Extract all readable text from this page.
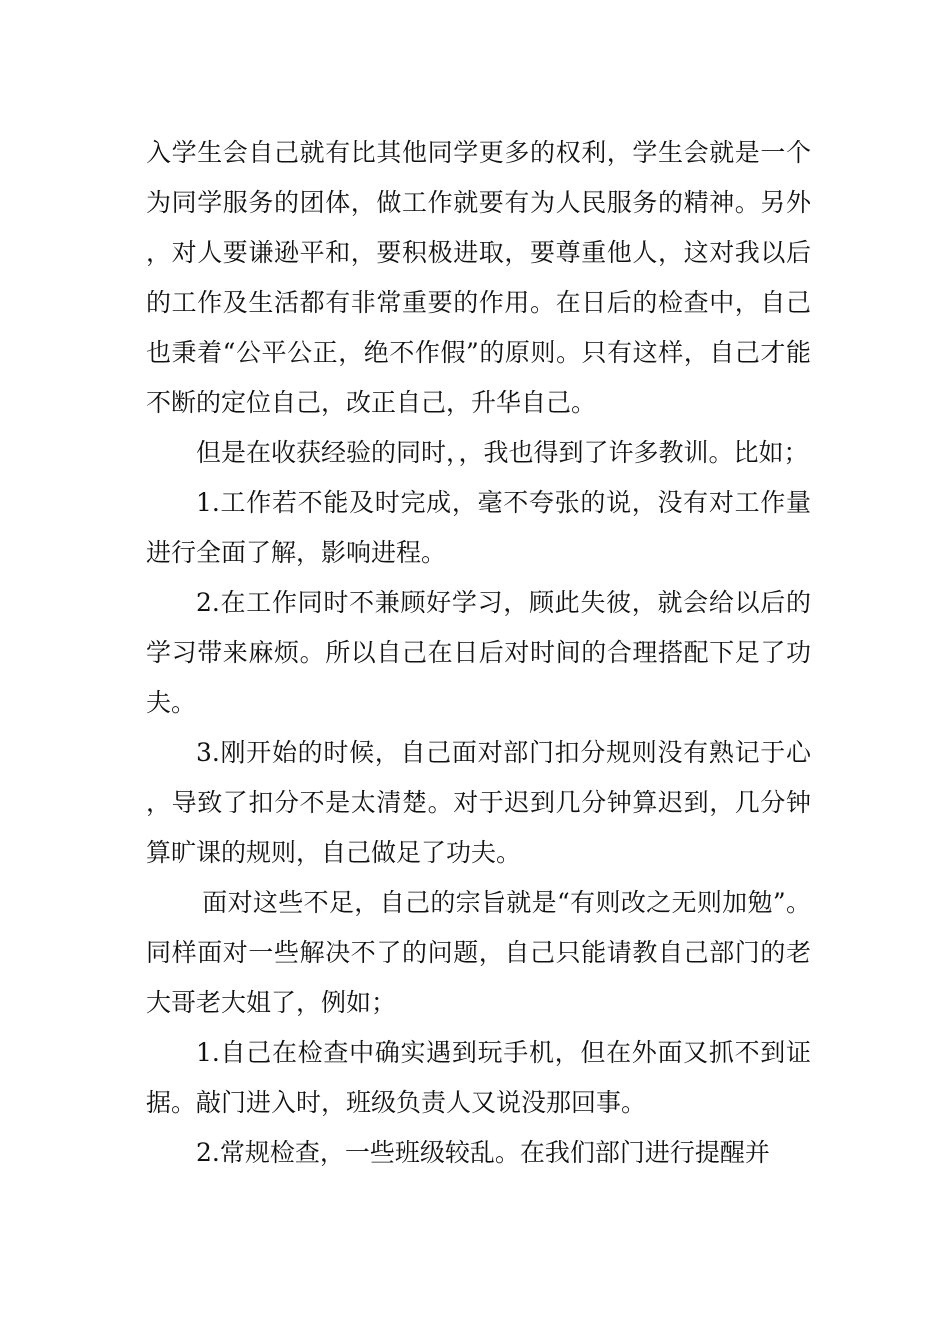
入学生会自己就有比其他同学更多的权利，学生会就是一个为同学服务的团体，做工作就要有为人民服务的精神。另外，对人要谦逊平和，要积极进取，要尊重他人，这对我以后的工作及生活都有非常重要的作用。在日后的检查中，自己也秉着“公平公正，绝不作假”的原则。只有这样，自己才能不断的定位自己，改正自己，升华自己。

但是在收获经验的同时，，我也得到了许多教训。比如；

1.工作若不能及时完成，毫不夸张的说，没有对工作量进行全面了解，影响进程。

2.在工作同时不兼顾好学习，顾此失彼，就会给以后的学习带来麻烦。所以自己在日后对时间的合理搭配下足了功夫。

3.刚开始的时候，自己面对部门扣分规则没有熟记于心，导致了扣分不是太清楚。对于迟到几分钟算迟到，几分钟算旷课的规则，自己做足了功夫。

面对这些不足，自己的宗旨就是“有则改之无则加勉”。同样面对一些解决不了的问题，自己只能请教自己部门的老大哥老大姐了，例如；

1.自己在检查中确实遇到玩手机，但在外面又抓不到证据。敲门进入时，班级负责人又说没那回事。

2.常规检查，一些班级较乱。在我们部门进行提醒并
